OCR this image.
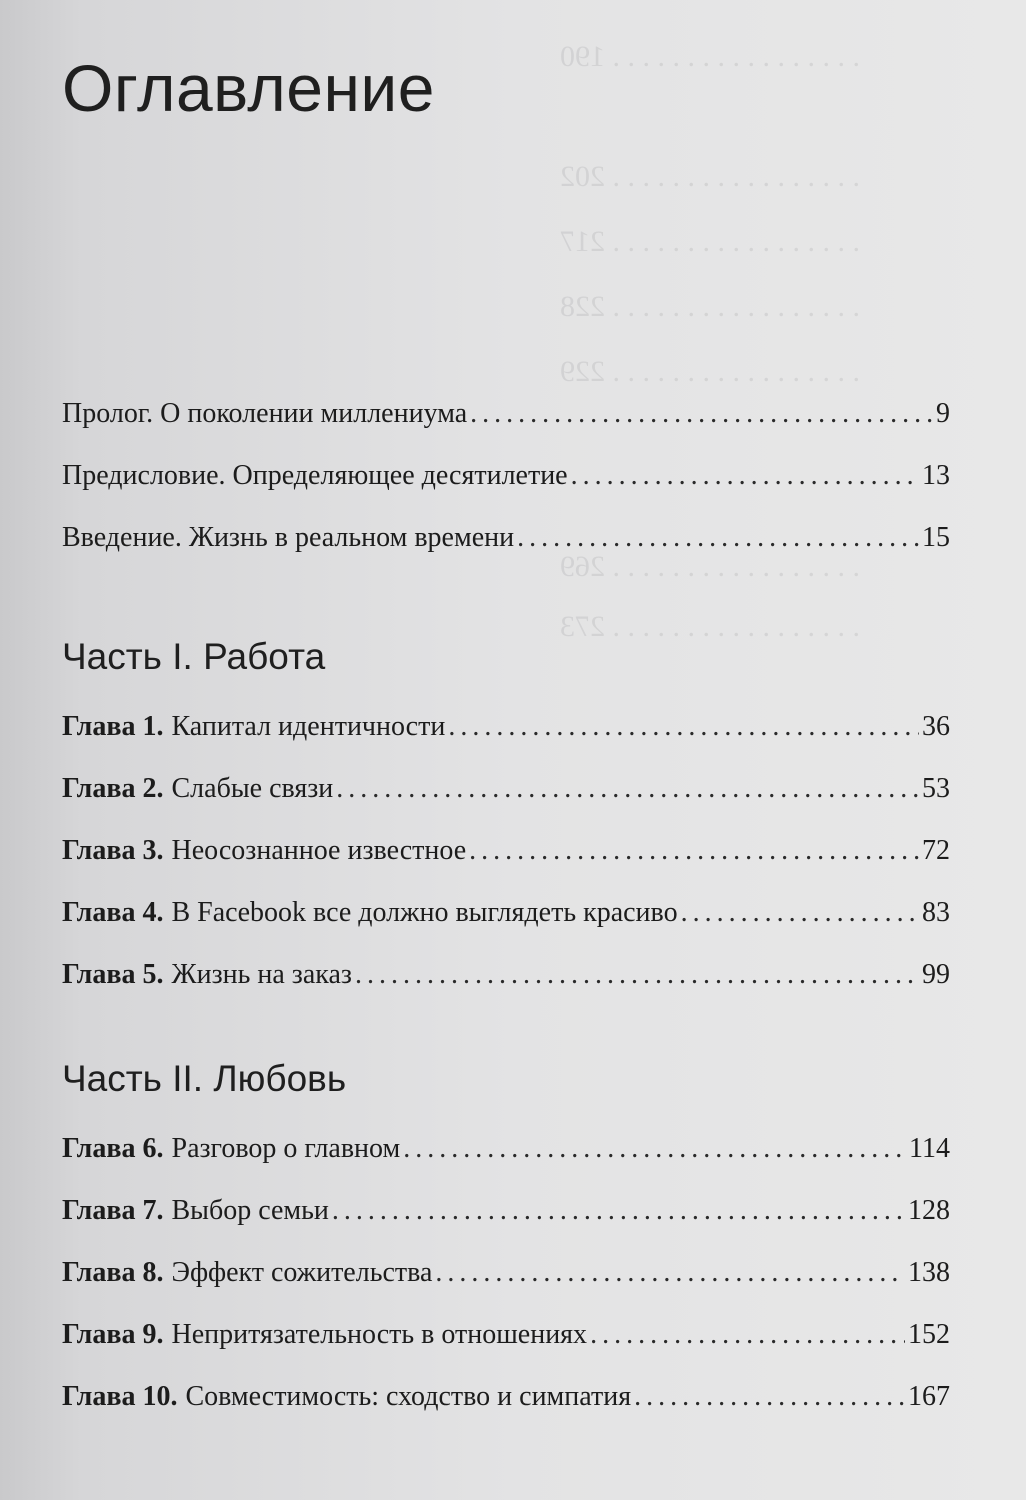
. . . . . . . . . . . . . . . . . 190
. . . . . . . . . . . . . . . . . 202
. . . . . . . . . . . . . . . . . 217
. . . . . . . . . . . . . . . . . 228
. . . . . . . . . . . . . . . . . 229
. . . . . . . . . . . . . . . . . 269
. . . . . . . . . . . . . . . . . 273
Оглавление
Пролог. О поколении миллениума . . .	9
Предисловие. Определяющее десятилетие . . .	13
Введение. Жизнь в реальном времени . . .	15
Часть I. Работа
Глава 1. Капитал идентичности . . .	36
Глава 2. Слабые связи . . .	53
Глава 3. Неосознанное известное . . .	72
Глава 4. В Facebook все должно выглядеть красиво . . .	83
Глава 5. Жизнь на заказ . . .	99
Часть II. Любовь
Глава 6. Разговор о главном . . .	114
Глава 7. Выбор семьи . . .	128
Глава 8. Эффект сожительства . . .	138
Глава 9. Непритязательность в отношениях . . .	152
Глава 10. Совместимость: сходство и симпатия . . .	167
